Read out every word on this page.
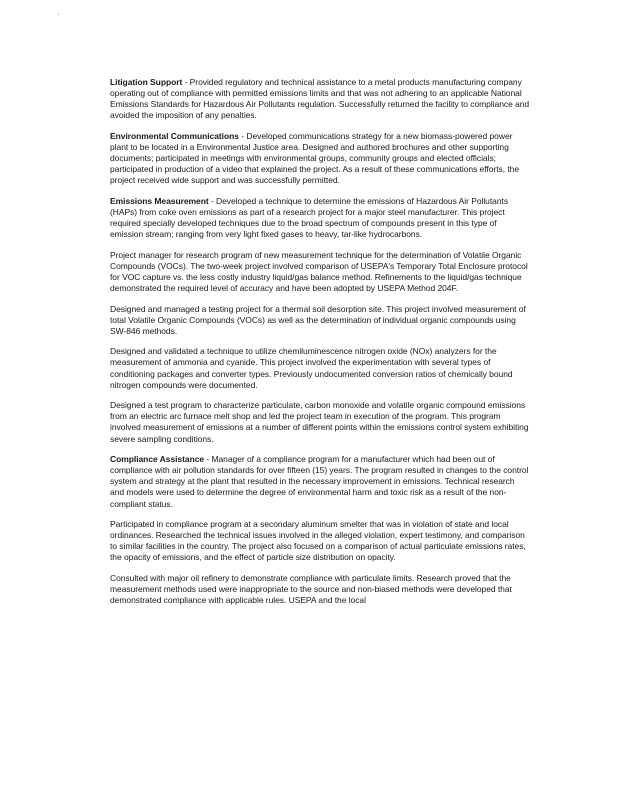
'

Litigation Support - Provided regulatory and technical assistance to a metal products manufacturing company operating out of compliance with permitted emissions limits and that was not adhering to an applicable National Emissions Standards for Hazardous Air Pollutants regulation. Successfully returned the facility to compliance and avoided the imposition of any penalties.

Environmental Communications - Developed communications strategy for a new biomass-powered power plant to be located in a Environmental Justice area. Designed and authored brochures and other supporting documents; participated in meetings with environmental groups, community groups and elected officials; participated in production of a video that explained the project. As a result of these communications efforts, the project received wide support and was successfully permitted.

Emissions Measurement - Developed a technique to determine the emissions of Hazardous Air Pollutants (HAPs) from coke oven emissions as part of a research project for a major steel manufacturer. This project required specially developed techniques due to the broad spectrum of compounds present in this type of emission stream; ranging from very light fixed gases to heavy, tar-like hydrocarbons.

Project manager for research program of new measurement technique for the determination of Volatile Organic Compounds (VOCs). The two-week project involved comparison of USEPA's Temporary Total Enclosure protocol for VOC capture vs. the less costly industry liquid/gas balance method. Refinements to the liquid/gas technique demonstrated the required level of accuracy and have been adopted by USEPA Method 204F.

Designed and managed a testing project for a thermal soil desorption site. This project involved measurement of total Volatile Organic Compounds (VOCs) as well as the determination of individual organic compounds using SW-846 methods.

Designed and validated a technique to utilize chemiluminescence nitrogen oxide (NOx) analyzers for the measurement of ammonia and cyanide. This project involved the experimentation with several types of conditioning packages and converter types. Previously undocumented conversion ratios of chemically bound nitrogen compounds were documented.

Designed a test program to characterize particulate, carbon monoxide and volatile organic compound emissions from an electric arc furnace melt shop and led the project team in execution of the program. This program involved measurement of emissions at a number of different points within the emissions control system exhibiting severe sampling conditions.

Compliance Assistance - Manager of a compliance program for a manufacturer which had been out of compliance with air pollution standards for over fifteen (15) years. The program resulted in changes to the control system and strategy at the plant that resulted in the necessary improvement in emissions. Technical research and models were used to determine the degree of environmental harm and toxic risk as a result of the non-compliant status.

Participated in compliance program at a secondary aluminum smelter that was in violation of state and local ordinances. Researched the technical issues involved in the alleged violation, expert testimony, and comparison to similar facilities in the country. The project also focused on a comparison of actual particulate emissions rates, the opacity of emissions, and the effect of particle size distribution on opacity.

Consulted with major oil refinery to demonstrate compliance with particulate limits. Research proved that the measurement methods used were inappropriate to the source and non-biased methods were developed that demonstrated compliance with applicable rules. USEPA and the local
